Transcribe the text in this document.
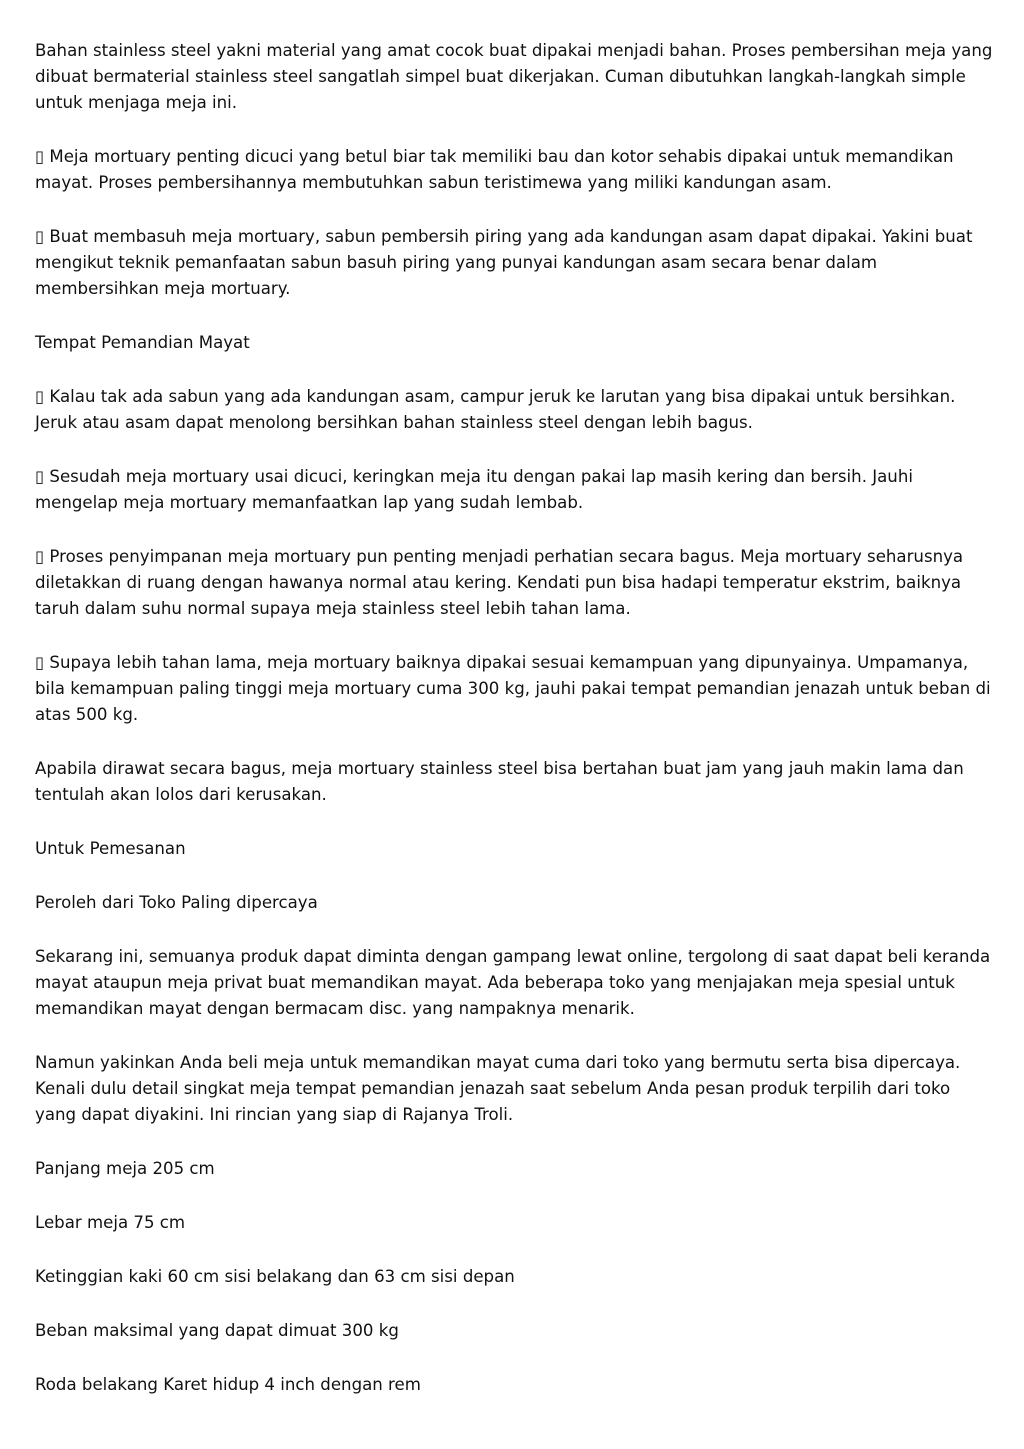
Bahan stainless steel yakni material yang amat cocok buat dipakai menjadi bahan. Proses pembersihan meja yang dibuat bermaterial stainless steel sangatlah simpel buat dikerjakan. Cuman dibutuhkan langkah-langkah simple untuk menjaga meja ini.

▯ Meja mortuary penting dicuci yang betul biar tak memiliki bau dan kotor sehabis dipakai untuk memandikan mayat. Proses pembersihannya membutuhkan sabun teristimewa yang miliki kandungan asam.

▯ Buat membasuh meja mortuary, sabun pembersih piring yang ada kandungan asam dapat dipakai. Yakini buat mengikut teknik pemanfaatan sabun basuh piring yang punyai kandungan asam secara benar dalam membersihkan meja mortuary.

Tempat Pemandian Mayat

▯ Kalau tak ada sabun yang ada kandungan asam, campur jeruk ke larutan yang bisa dipakai untuk bersihkan. Jeruk atau asam dapat menolong bersihkan bahan stainless steel dengan lebih bagus.

▯ Sesudah meja mortuary usai dicuci, keringkan meja itu dengan pakai lap masih kering dan bersih. Jauhi mengelap meja mortuary memanfaatkan lap yang sudah lembab.

▯ Proses penyimpanan meja mortuary pun penting menjadi perhatian secara bagus. Meja mortuary seharusnya diletakkan di ruang dengan hawanya normal atau kering. Kendati pun bisa hadapi temperatur ekstrim, baiknya taruh dalam suhu normal supaya meja stainless steel lebih tahan lama.

▯ Supaya lebih tahan lama, meja mortuary baiknya dipakai sesuai kemampuan yang dipunyainya. Umpamanya, bila kemampuan paling tinggi meja mortuary cuma 300 kg, jauhi pakai tempat pemandian jenazah untuk beban di atas 500 kg.

Apabila dirawat secara bagus, meja mortuary stainless steel bisa bertahan buat jam yang jauh makin lama dan tentulah akan lolos dari kerusakan.

Untuk Pemesanan

Peroleh dari Toko Paling dipercaya

Sekarang ini, semuanya produk dapat diminta dengan gampang lewat online, tergolong di saat dapat beli keranda mayat ataupun meja privat buat memandikan mayat. Ada beberapa toko yang menjajakan meja spesial untuk memandikan mayat dengan bermacam disc. yang nampaknya menarik.

Namun yakinkan Anda beli meja untuk memandikan mayat cuma dari toko yang bermutu serta bisa dipercaya. Kenali dulu detail singkat meja tempat pemandian jenazah saat sebelum Anda pesan produk terpilih dari toko yang dapat diyakini. Ini rincian yang siap di Rajanya Troli.

Panjang meja 205 cm

Lebar meja 75 cm

Ketinggian kaki 60 cm sisi belakang dan 63 cm sisi depan

Beban maksimal yang dapat dimuat 300 kg

Roda belakang Karet hidup 4 inch dengan rem
